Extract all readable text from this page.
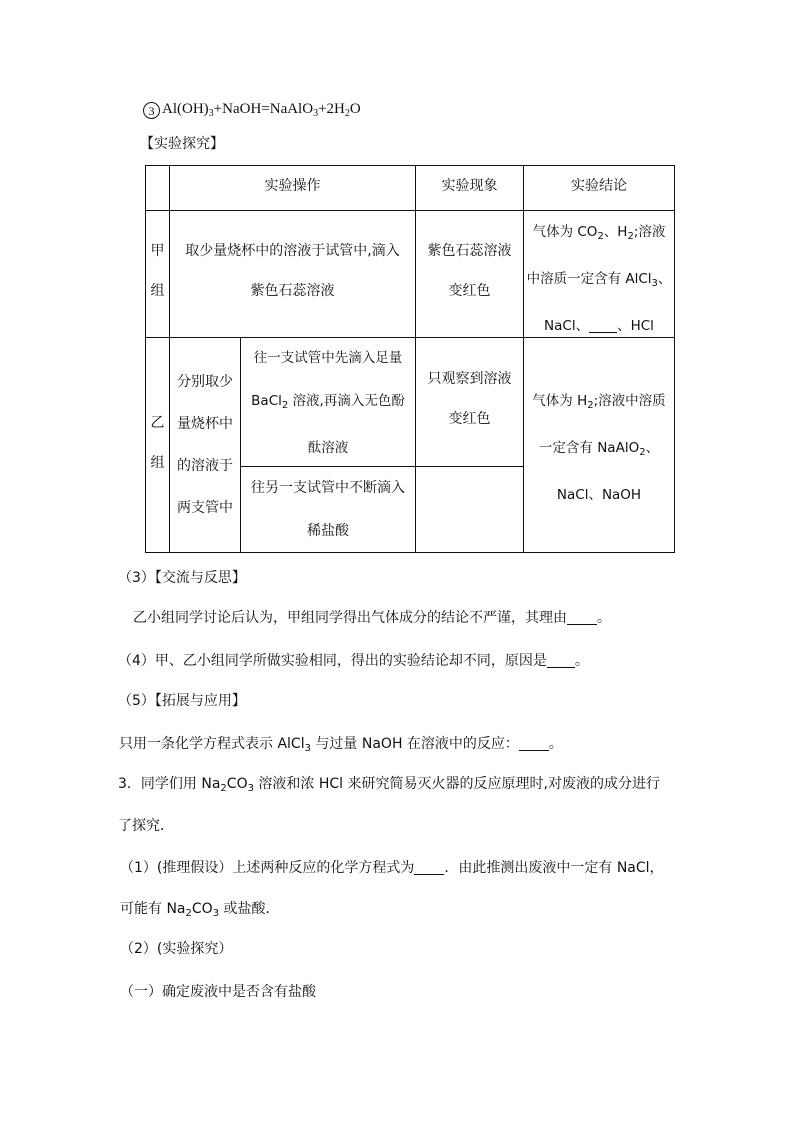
3 $Al(OH)_3+NaOH=NaAlO_3+2H_2O$
【实验探究】
实验操作	实验现象	实验结论
甲
组
取少量烧杯中的溶液于试管中,滴入
紫色石蕊溶液
紫色石蕊溶液
变红色
气体为 $CO_2$、$H_2$;溶液
中溶质一定含有 AlCl$_3$、
NaCl、 、HCl
乙
组
分别取少
量烧杯中
的溶液于
两支管中
往一支试管中先滴入足量
BaCl$_2$ 溶液,再滴入无色酚
酞溶液
往另一支试管中不断滴入
稀盐酸
只观察到溶液
变红色
气体为 $H_2$;溶液中溶质
一定含有 NaAlO$_2$、
NaCl、NaOH
（3）【交流与反思】
乙小组同学讨论后认为，甲组同学得出气体成分的结论不严谨，其理由 。
（4）甲、乙小组同学所做实验相同，得出的实验结论却不同，原因是 。
（5）【拓展与应用】
只用一条化学方程式表示 AlCl$_3$ 与过量 NaOH 在溶液中的反应： 。
3．同学们用 $Na_2CO_3$ 溶液和浓 HCl 来研究简易灭火器的反应原理时,对废液的成分进行
了探究．
（1）(推理假设）上述两种反应的化学方程式为 ．由此推测出废液中一定有 NaCl，
可能有 $Na_2CO_3$ 或盐酸．
（2）(实验探究）
（一）确定废液中是否含有盐酸
